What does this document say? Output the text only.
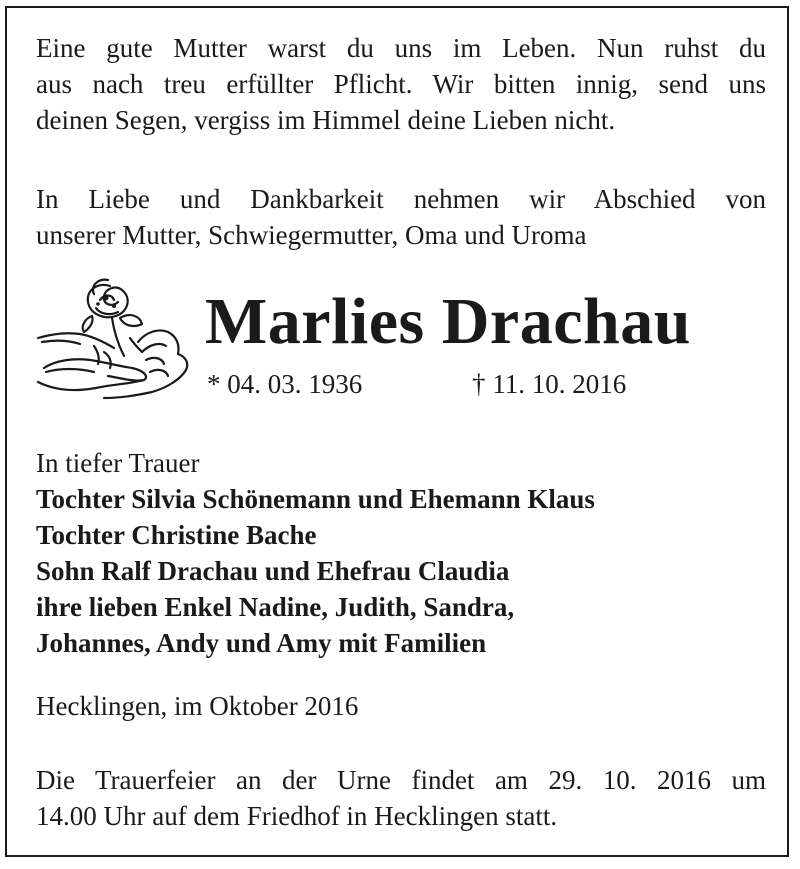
Eine gute Mutter warst du uns im Leben. Nun ruhst du
aus nach treu erfüllter Pflicht. Wir bitten innig, send uns
deinen Segen, vergiss im Himmel deine Lieben nicht.
In Liebe und Dankbarkeit nehmen wir Abschied von
unserer Mutter, Schwiegermutter, Oma und Uroma
Marlies Drachau
* 04. 03. 1936	† 11. 10. 2016
In tiefer Trauer
Tochter Silvia Schönemann und Ehemann Klaus
Tochter Christine Bache
Sohn Ralf Drachau und Ehefrau Claudia
ihre lieben Enkel Nadine, Judith, Sandra,
Johannes, Andy und Amy mit Familien
Hecklingen, im Oktober 2016
Die Trauerfeier an der Urne findet am 29. 10. 2016 um
14.00 Uhr auf dem Friedhof in Hecklingen statt.
